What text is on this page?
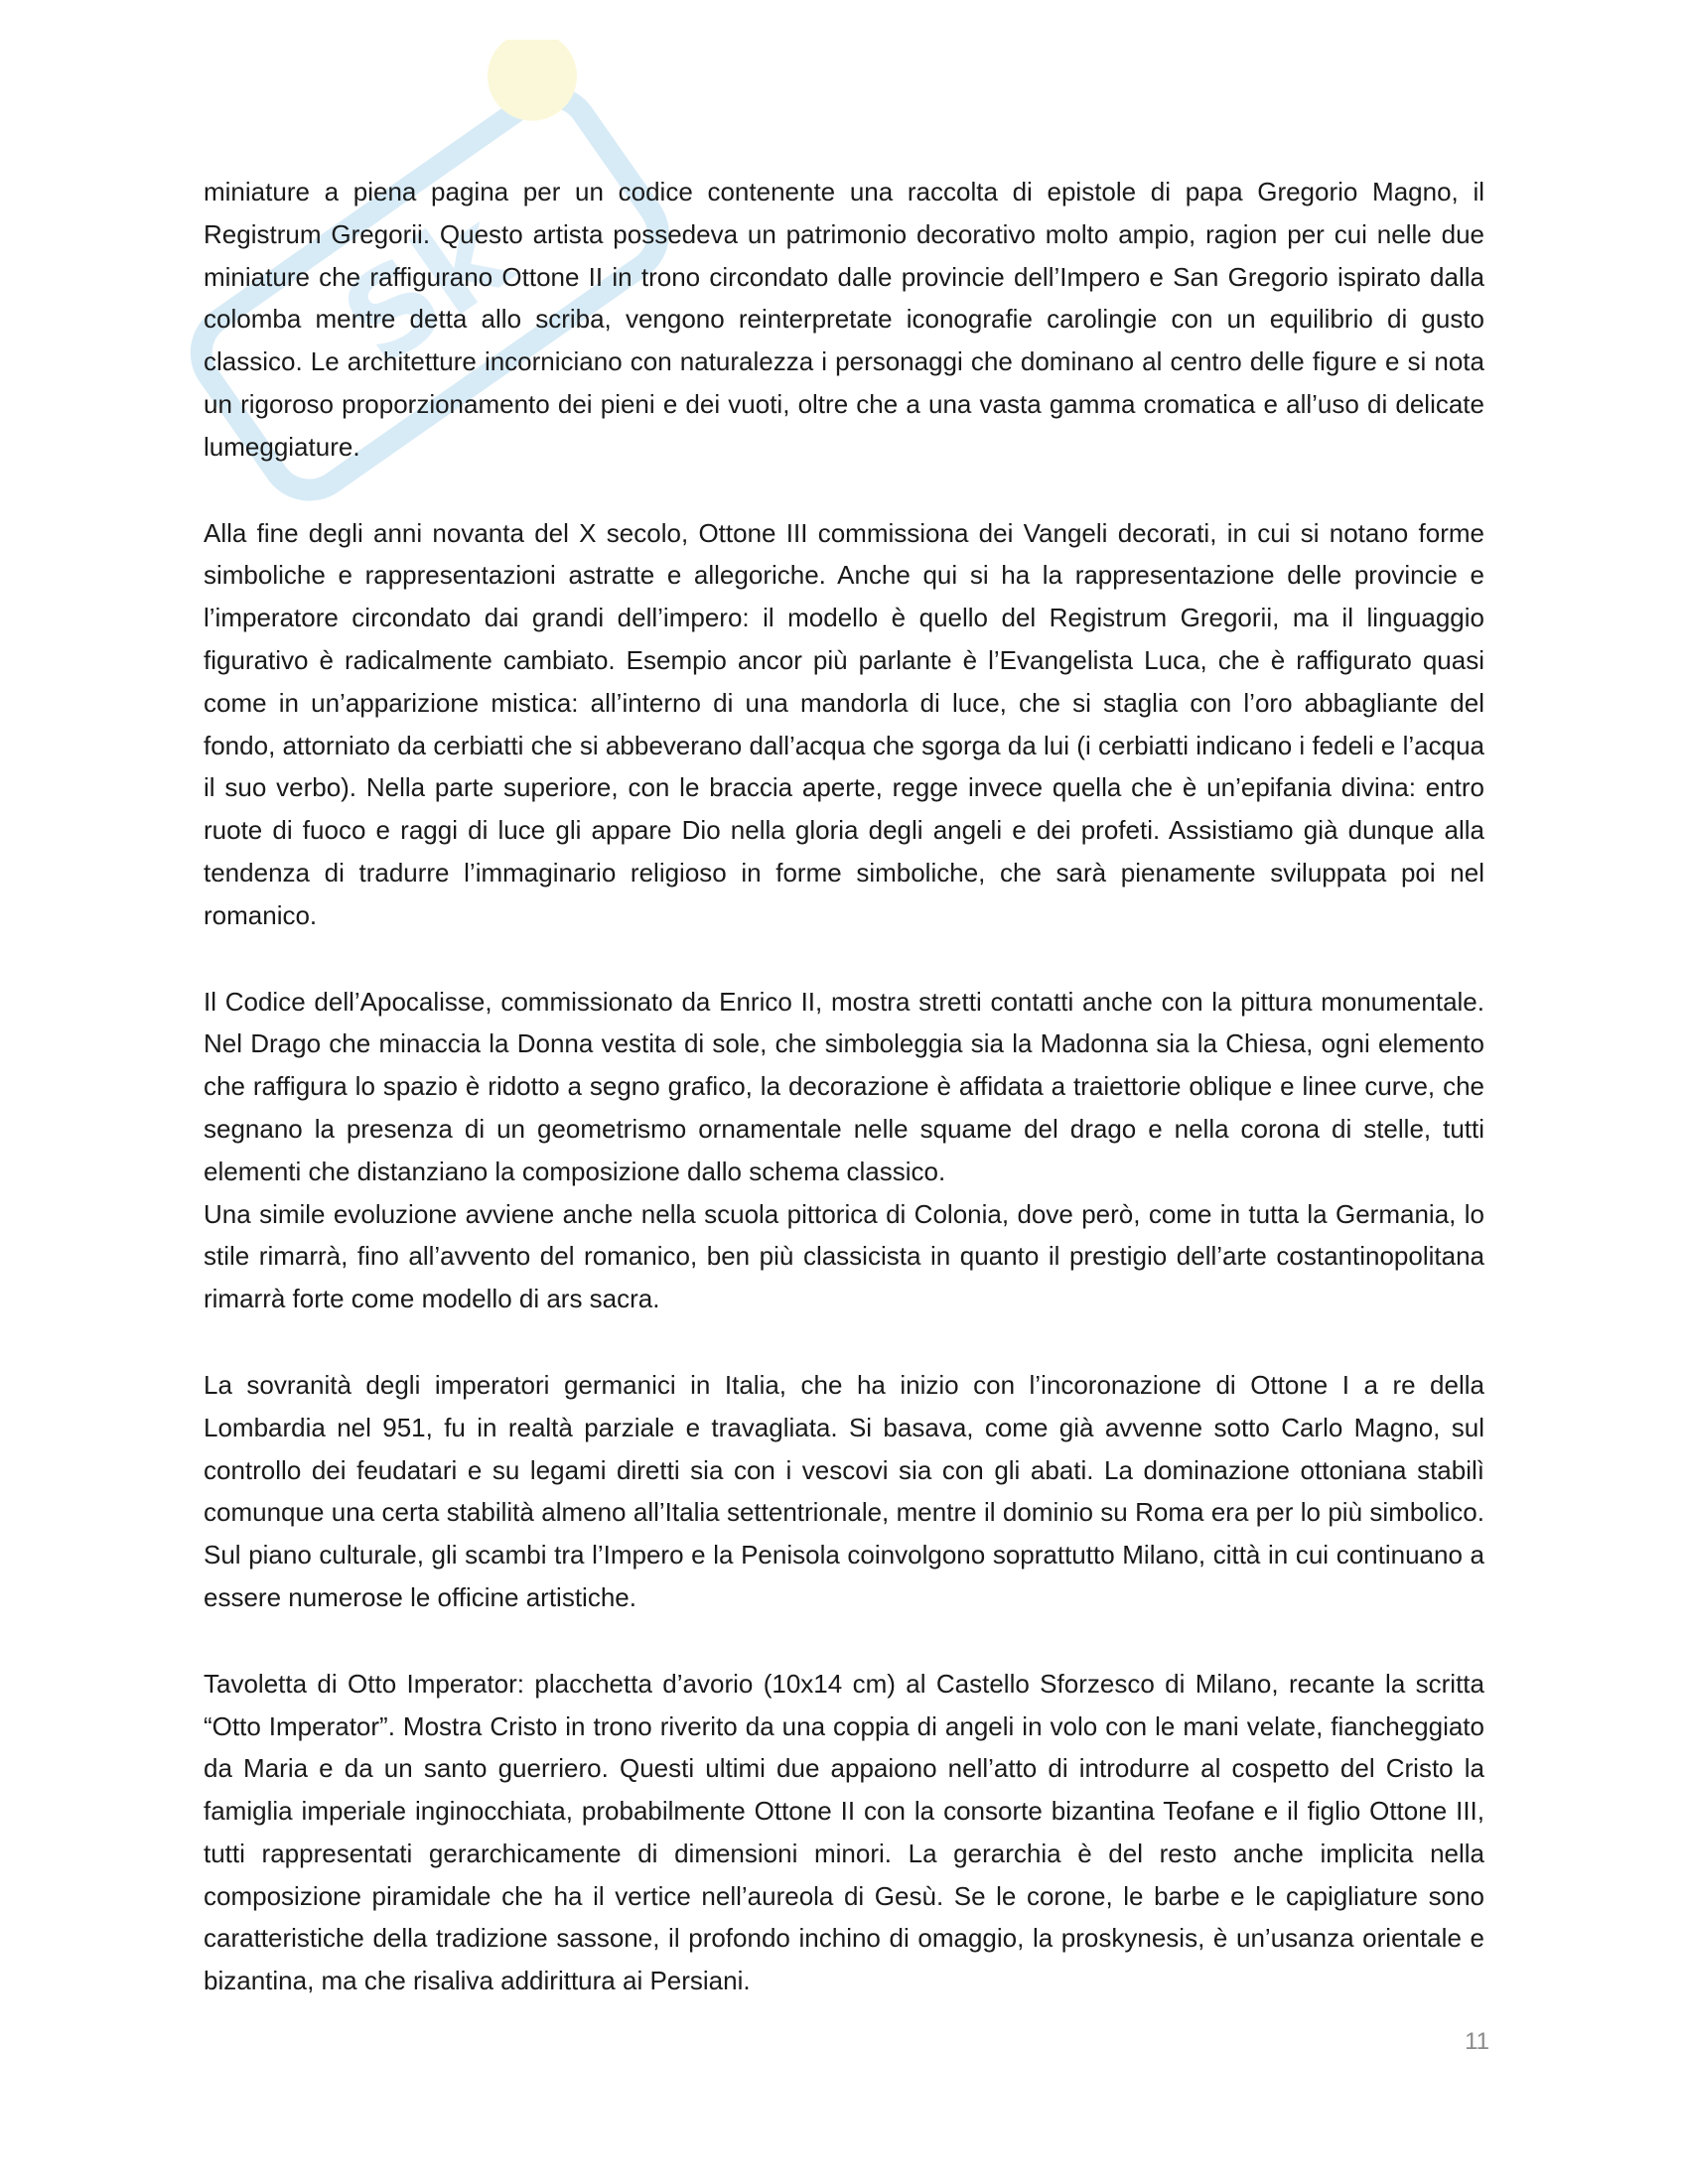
Sk

miniature a piena pagina per un codice contenente una raccolta di epistole di papa Gregorio Magno, il Registrum Gregorii. Questo artista possedeva un patrimonio decorativo molto ampio, ragion per cui nelle due miniature che raffigurano Ottone II in trono circondato dalle provincie dell’Impero e San Gregorio ispirato dalla colomba mentre detta allo scriba, vengono reinterpretate iconografie carolingie con un equilibrio di gusto classico. Le architetture incorniciano con naturalezza i personaggi che dominano al centro delle figure e si nota un rigoroso proporzionamento dei pieni e dei vuoti, oltre che a una vasta gamma cromatica e all’uso di delicate lumeggiature.

Alla fine degli anni novanta del X secolo, Ottone III commissiona dei Vangeli decorati, in cui si notano forme simboliche e rappresentazioni astratte e allegoriche. Anche qui si ha la rappresentazione delle provincie e l’imperatore circondato dai grandi dell’impero: il modello è quello del Registrum Gregorii, ma il linguaggio figurativo è radicalmente cambiato. Esempio ancor più parlante è l’Evangelista Luca, che è raffigurato quasi come in un’apparizione mistica: all’interno di una mandorla di luce, che si staglia con l’oro abbagliante del fondo, attorniato da cerbiatti che si abbeverano dall’acqua che sgorga da lui (i cerbiatti indicano i fedeli e l’acqua il suo verbo). Nella parte superiore, con le braccia aperte, regge invece quella che è un’epifania divina: entro ruote di fuoco e raggi di luce gli appare Dio nella gloria degli angeli e dei profeti. Assistiamo già dunque alla tendenza di tradurre l’immaginario religioso in forme simboliche, che sarà pienamente sviluppata poi nel romanico.

Il Codice dell’Apocalisse, commissionato da Enrico II, mostra stretti contatti anche con la pittura monumentale. Nel Drago che minaccia la Donna vestita di sole, che simboleggia sia la Madonna sia la Chiesa, ogni elemento che raffigura lo spazio è ridotto a segno grafico, la decorazione è affidata a traiettorie oblique e linee curve, che segnano la presenza di un geometrismo ornamentale nelle squame del drago e nella corona di stelle, tutti elementi che distanziano la composizione dallo schema classico.

Una simile evoluzione avviene anche nella scuola pittorica di Colonia, dove però, come in tutta la Germania, lo stile rimarrà, fino all’avvento del romanico, ben più classicista in quanto il prestigio dell’arte costantinopolitana rimarrà forte come modello di ars sacra.

La sovranità degli imperatori germanici in Italia, che ha inizio con l’incoronazione di Ottone I a re della Lombardia nel 951, fu in realtà parziale e travagliata. Si basava, come già avvenne sotto Carlo Magno, sul controllo dei feudatari e su legami diretti sia con i vescovi sia con gli abati. La dominazione ottoniana stabilì comunque una certa stabilità almeno all’Italia settentrionale, mentre il dominio su Roma era per lo più simbolico. Sul piano culturale, gli scambi tra l’Impero e la Penisola coinvolgono soprattutto Milano, città in cui continuano a essere numerose le officine artistiche.

Tavoletta di Otto Imperator: placchetta d’avorio (10x14 cm) al Castello Sforzesco di Milano, recante la scritta “Otto Imperator”. Mostra Cristo in trono riverito da una coppia di angeli in volo con le mani velate, fiancheggiato da Maria e da un santo guerriero. Questi ultimi due appaiono nell’atto di introdurre al cospetto del Cristo la famiglia imperiale inginocchiata, probabilmente Ottone II con la consorte bizantina Teofane e il figlio Ottone III, tutti rappresentati gerarchicamente di dimensioni minori. La gerarchia è del resto anche implicita nella composizione piramidale che ha il vertice nell’aureola di Gesù. Se le corone, le barbe e le capigliature sono caratteristiche della tradizione sassone, il profondo inchino di omaggio, la proskynesis, è un’usanza orientale e bizantina, ma che risaliva addirittura ai Persiani.

11
